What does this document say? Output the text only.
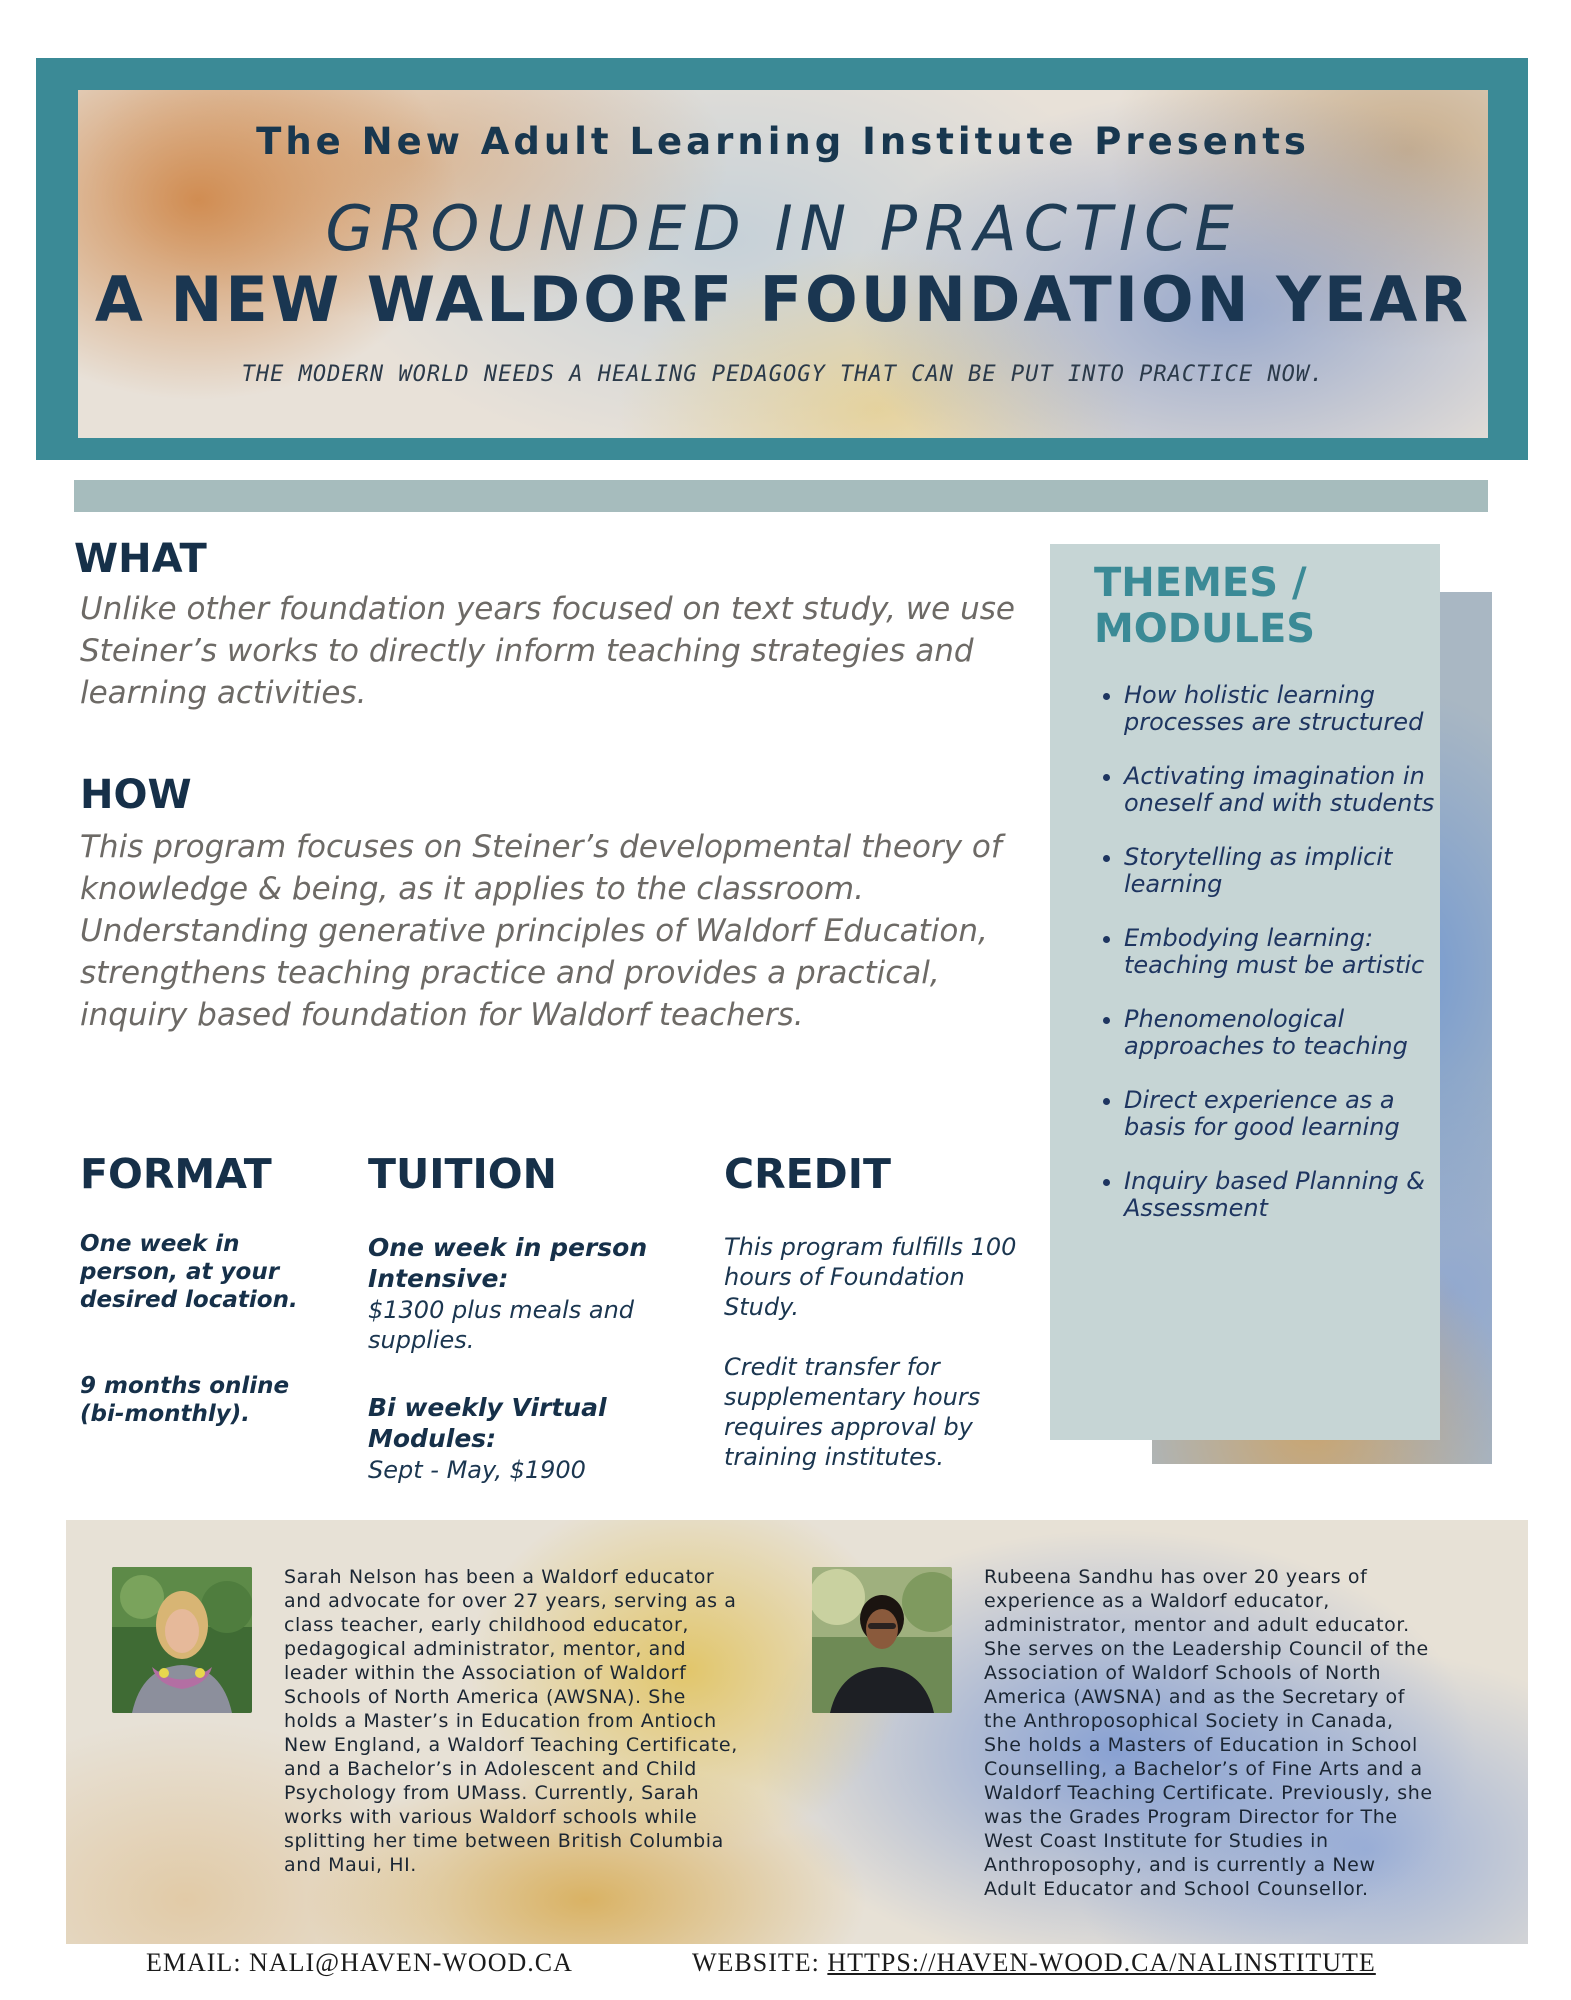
The New Adult Learning Institute Presents
GROUNDED IN PRACTICE
A NEW WALDORF FOUNDATION YEAR
THE MODERN WORLD NEEDS A HEALING PEDAGOGY THAT CAN BE PUT INTO PRACTICE NOW.
WHAT

Unlike other foundation years focused on text study, we use Steiner’s works to directly inform teaching strategies and learning activities.

HOW

This program focuses on Steiner’s developmental theory of knowledge & being, as it applies to the classroom. Understanding generative principles of Waldorf Education, strengthens teaching practice and provides a practical, inquiry based foundation for Waldorf teachers.

FORMAT

One week in person, at your desired location.

9 months online (bi-monthly).

TUITION

One week in person Intensive:

$1300 plus meals and supplies.

Bi weekly Virtual Modules:

Sept - May, $1900

CREDIT

This program fulfills 100 hours of Foundation Study.

Credit transfer for supplementary hours requires approval by training institutes.

THEMES / MODULES
• How holistic learning processes are structured
• Activating imagination in oneself and with students
• Storytelling as implicit learning
• Embodying learning: teaching must be artistic
• Phenomenological approaches to teaching
• Direct experience as a basis for good learning
• Inquiry based Planning & Assessment

Sarah Nelson has been a Waldorf educator and advocate for over 27 years, serving as a class teacher, early childhood educator, pedagogical administrator, mentor, and leader within the Association of Waldorf Schools of North America (AWSNA). She holds a Master’s in Education from Antioch New England, a Waldorf Teaching Certificate, and a Bachelor’s in Adolescent and Child Psychology from UMass. Currently, Sarah works with various Waldorf schools while splitting her time between British Columbia and Maui, HI.

Rubeena Sandhu has over 20 years of experience as a Waldorf educator, administrator, mentor and adult educator. She serves on the Leadership Council of the Association of Waldorf Schools of North America (AWSNA) and as the Secretary of the Anthroposophical Society in Canada, She holds a Masters of Education in School Counselling, a Bachelor’s of Fine Arts and a Waldorf Teaching Certificate. Previously, she was the Grades Program Director for The West Coast Institute for Studies in Anthroposophy, and is currently a New Adult Educator and School Counsellor.

EMAIL: NALI@HAVEN-WOOD.CA	WEBSITE: HTTPS://HAVEN-WOOD.CA/NALINSTITUTE
